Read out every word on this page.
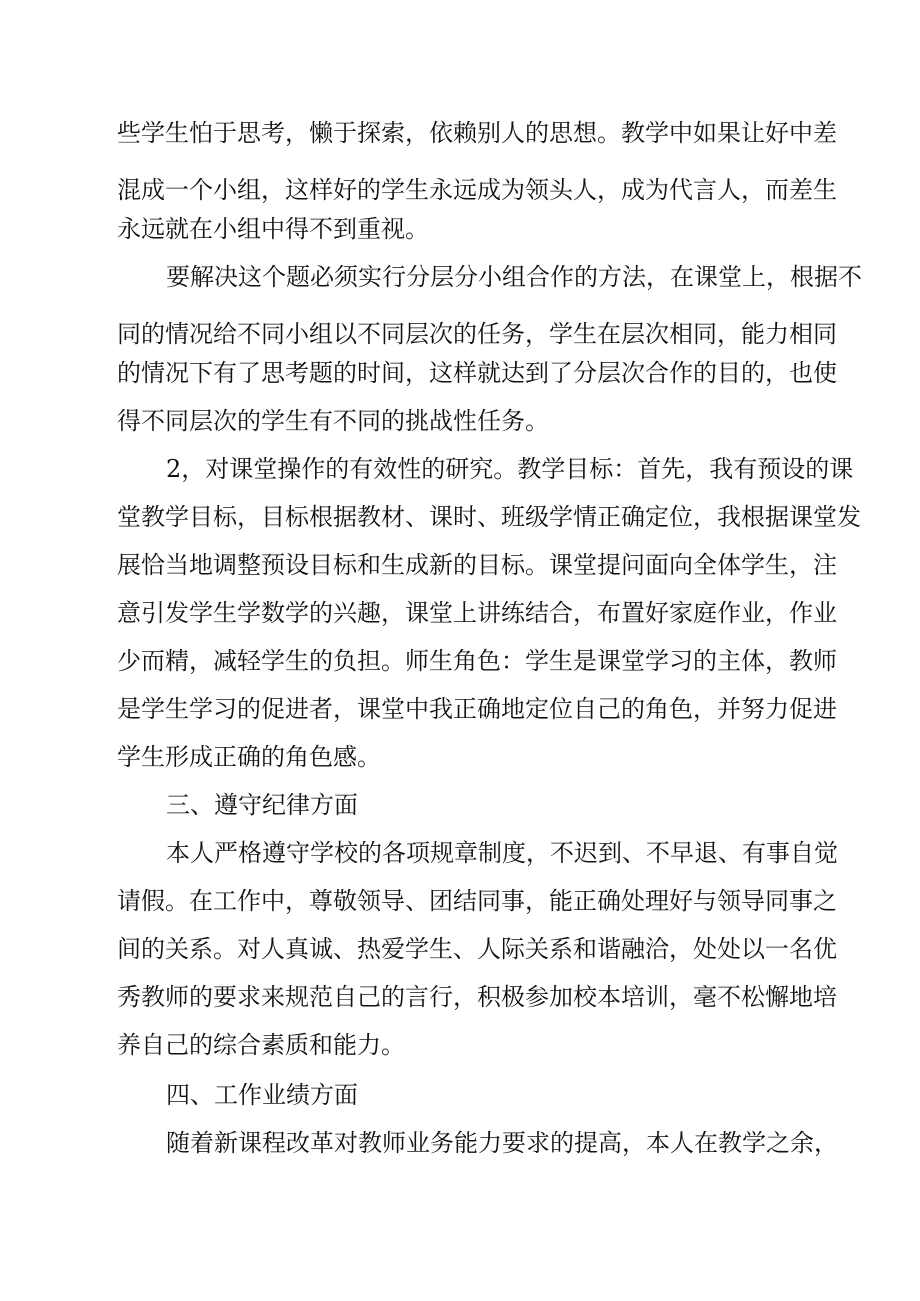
些学生怕于思考，懒于探索，依赖别人的思想。教学中如果让好中差
混成一个小组，这样好的学生永远成为领头人，成为代言人，而差生
永远就在小组中得不到重视。
要解决这个题必须实行分层分小组合作的方法，在课堂上，根据不
同的情况给不同小组以不同层次的任务，学生在层次相同，能力相同
的情况下有了思考题的时间，这样就达到了分层次合作的目的，也使
得不同层次的学生有不同的挑战性任务。
2，对课堂操作的有效性的研究。教学目标：首先，我有预设的课
堂教学目标，目标根据教材、课时、班级学情正确定位，我根据课堂发
展恰当地调整预设目标和生成新的目标。课堂提问面向全体学生，注
意引发学生学数学的兴趣，课堂上讲练结合，布置好家庭作业，作业
少而精，减轻学生的负担。师生角色：学生是课堂学习的主体，教师
是学生学习的促进者，课堂中我正确地定位自己的角色，并努力促进
学生形成正确的角色感。
三、遵守纪律方面
本人严格遵守学校的各项规章制度，不迟到、不早退、有事自觉
请假。在工作中，尊敬领导、团结同事，能正确处理好与领导同事之
间的关系。对人真诚、热爱学生、人际关系和谐融洽，处处以一名优
秀教师的要求来规范自己的言行，积极参加校本培训，毫不松懈地培
养自己的综合素质和能力。
四、工作业绩方面
随着新课程改革对教师业务能力要求的提高，本人在教学之余，
